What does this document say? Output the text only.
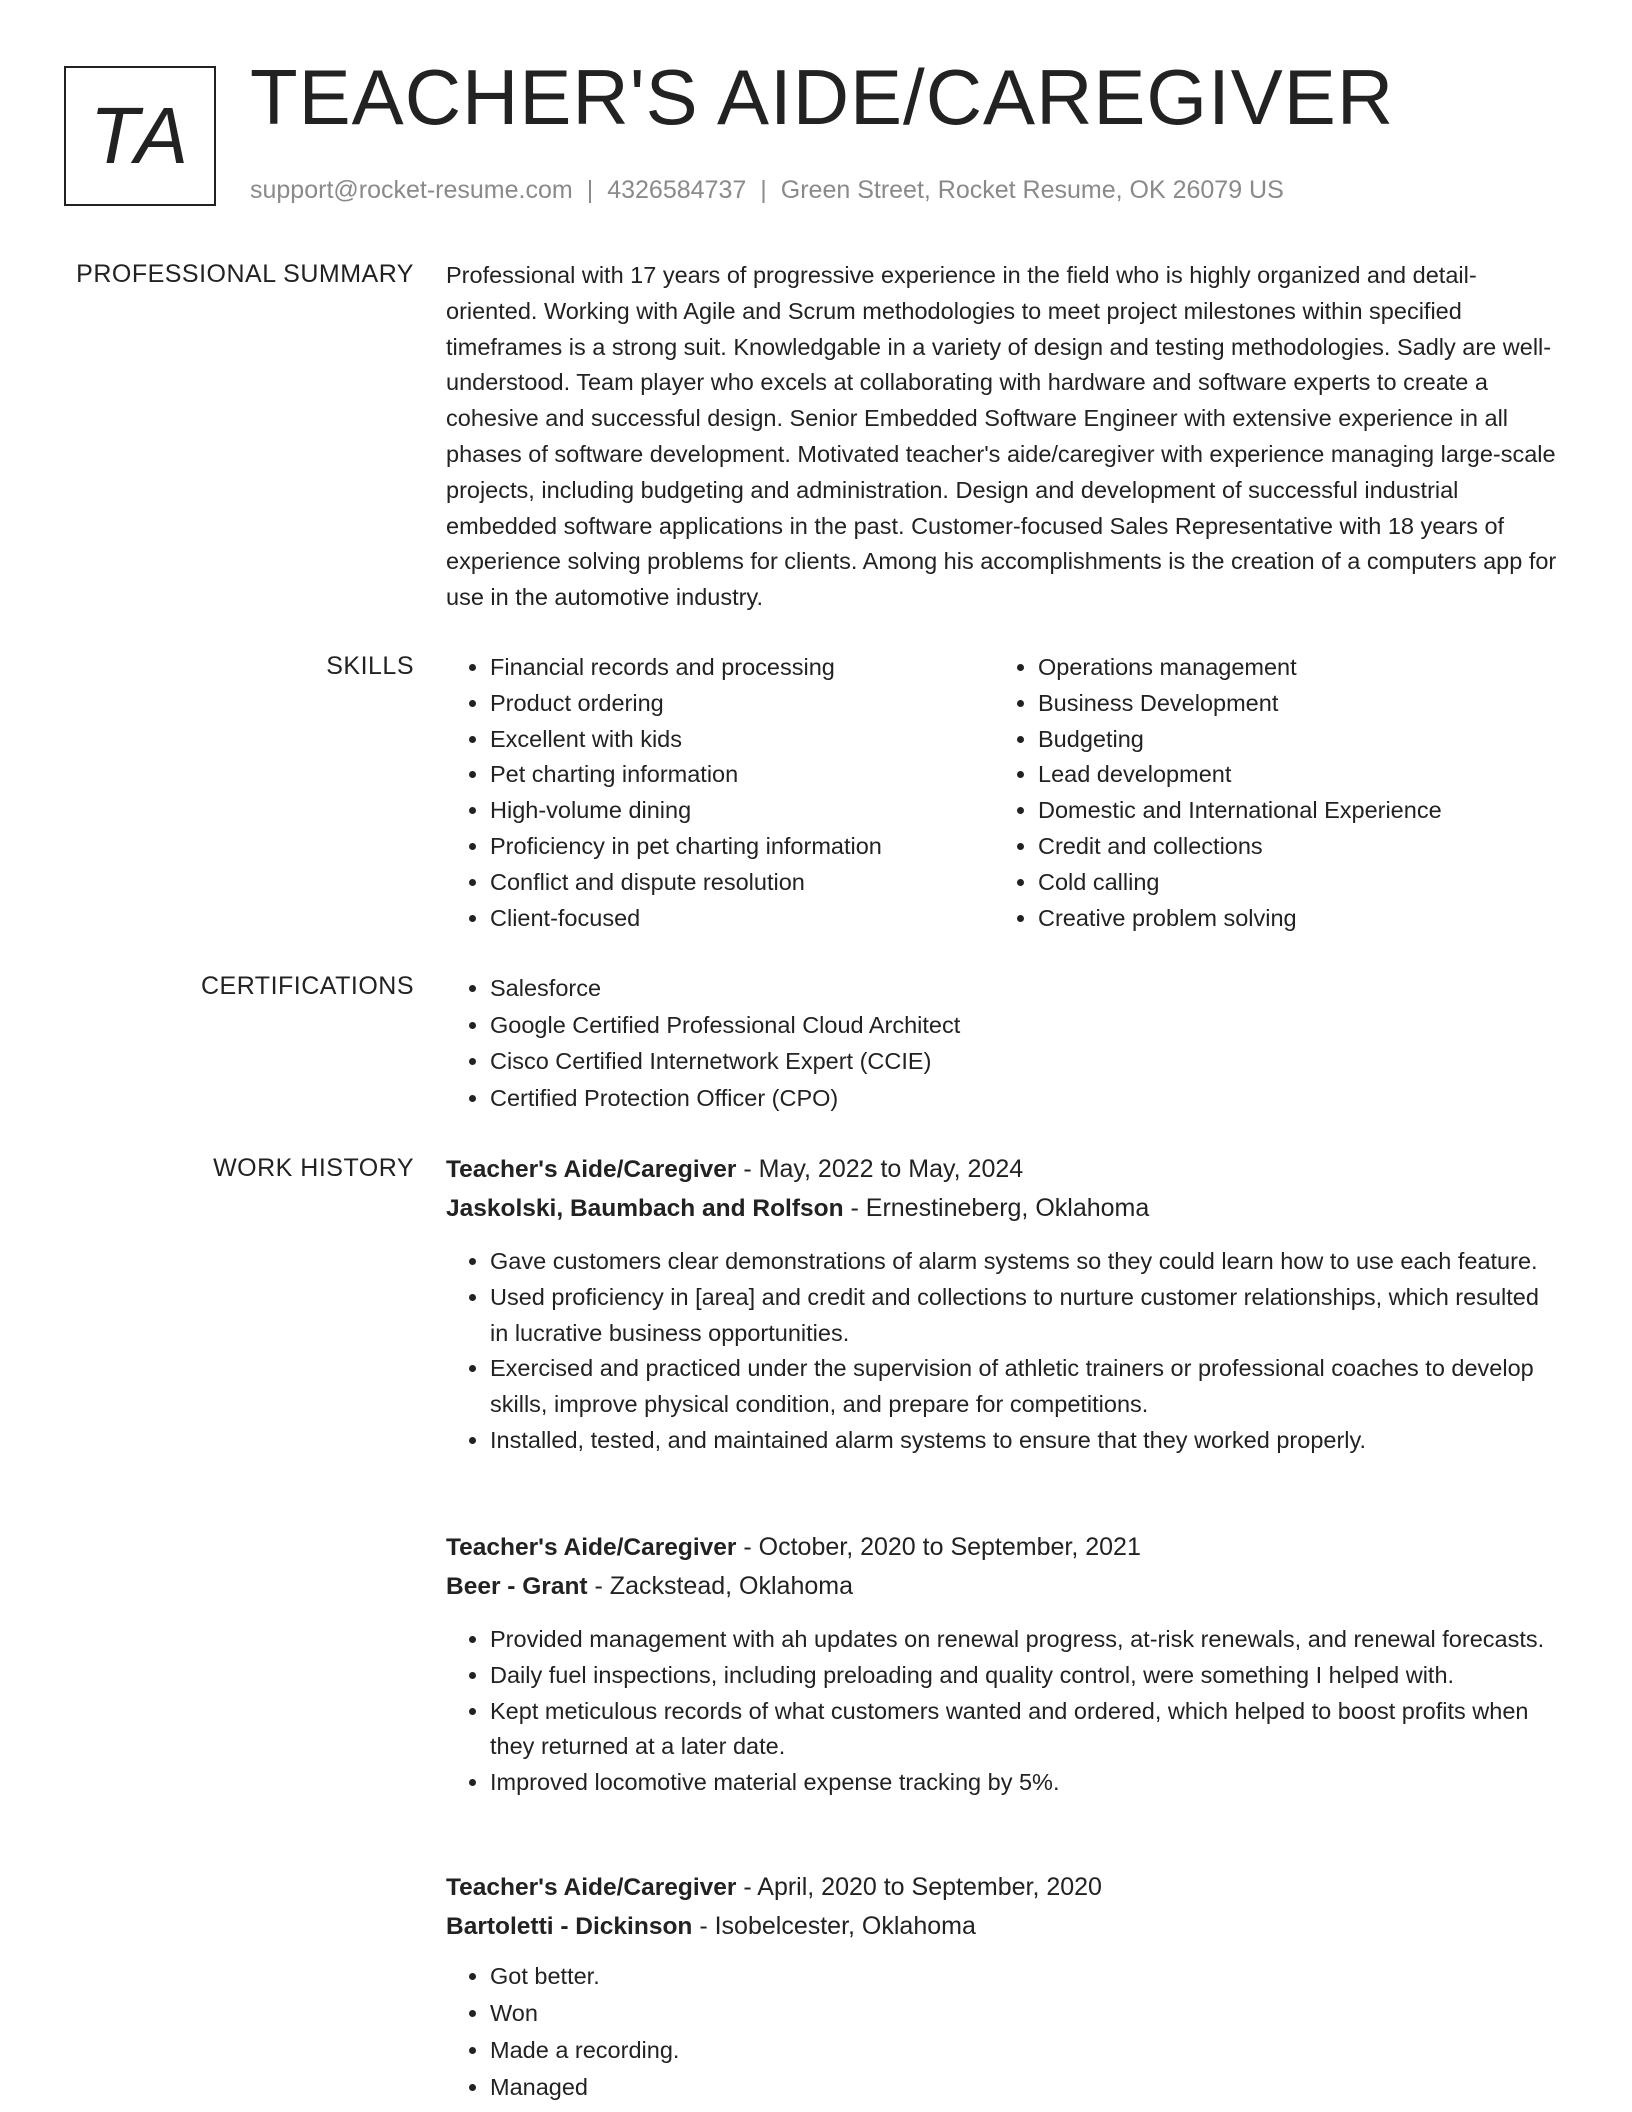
TA TEACHER'S AIDE/CAREGIVER
support@rocket-resume.com | 4326584737 | Green Street, Rocket Resume, OK 26079 US
PROFESSIONAL SUMMARY Professional with 17 years of progressive experience in the field who is highly organized and detail-oriented. Working with Agile and Scrum methodologies to meet project milestones within specified timeframes is a strong suit. Knowledgable in a variety of design and testing methodologies. Sadly are well-understood. Team player who excels at collaborating with hardware and software experts to create a cohesive and successful design. Senior Embedded Software Engineer with extensive experience in all phases of software development. Motivated teacher's aide/caregiver with experience managing large-scale projects, including budgeting and administration. Design and development of successful industrial embedded software applications in the past. Customer-focused Sales Representative with 18 years of experience solving problems for clients. Among his accomplishments is the creation of a computers app for use in the automotive industry.

SKILLS	• Financial records and processing
• Product ordering
• Excellent with kids
• Pet charting information
• High-volume dining
• Proficiency in pet charting information
• Conflict and dispute resolution
• Client-focused
• Operations management
• Business Development
• Budgeting
• Lead development
• Domestic and International Experience
• Credit and collections
• Cold calling
• Creative problem solving
CERTIFICATIONS	• Salesforce
• Google Certified Professional Cloud Architect
• Cisco Certified Internetwork Expert (CCIE)
• Certified Protection Officer (CPO)
WORK HISTORY Teacher's Aide/Caregiver - May, 2022 to May, 2024
Jaskolski, Baumbach and Rolfson - Ernestineberg, Oklahoma
• Gave customers clear demonstrations of alarm systems so they could learn how to use each feature.
• Used proficiency in [area] and credit and collections to nurture customer relationships, which resulted in lucrative business opportunities.
• Exercised and practiced under the supervision of athletic trainers or professional coaches to develop skills, improve physical condition, and prepare for competitions.
• Installed, tested, and maintained alarm systems to ensure that they worked properly.
Teacher's Aide/Caregiver - October, 2020 to September, 2021
Beer - Grant - Zackstead, Oklahoma
• Provided management with ah updates on renewal progress, at-risk renewals, and renewal forecasts.
• Daily fuel inspections, including preloading and quality control, were something I helped with.
• Kept meticulous records of what customers wanted and ordered, which helped to boost profits when they returned at a later date.
• Improved locomotive material expense tracking by 5%.
Teacher's Aide/Caregiver - April, 2020 to September, 2020
Bartoletti - Dickinson - Isobelcester, Oklahoma
• Got better.
• Won
• Made a recording.
• Managed
